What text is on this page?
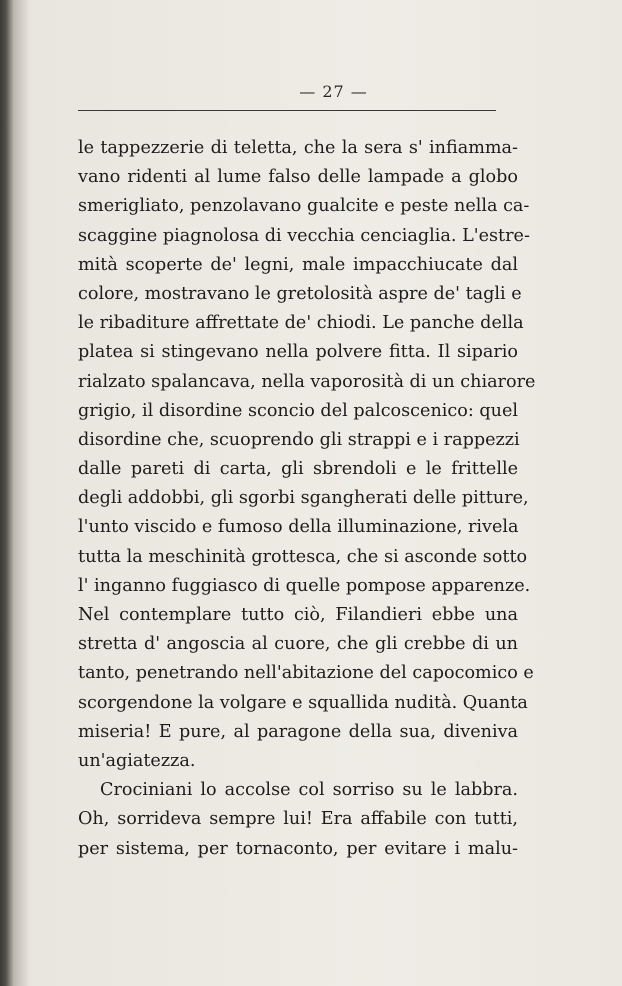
— 27 —
le tappezzerie di teletta, che la sera s' infiamma-
vano ridenti al lume falso delle lampade a globo
smerigliato, penzolavano gualcite e peste nella ca-
scaggine piagnolosa di vecchia cenciaglia. L'estre-
mità scoperte de' legni, male impacchiucate dal
colore, mostravano le gretolosità aspre de' tagli e
le ribaditure affrettate de' chiodi. Le panche della
platea si stingevano nella polvere fitta. Il sipario
rialzato spalancava, nella vaporosità di un chiarore
grigio, il disordine sconcio del palcoscenico: quel
disordine che, scuoprendo gli strappi e i rappezzi
dalle pareti di carta, gli sbrendoli e le frittelle
degli addobbi, gli sgorbi sgangherati delle pitture,
l'unto viscido e fumoso della illuminazione, rivela
tutta la meschinità grottesca, che si asconde sotto
l' inganno fuggiasco di quelle pompose apparenze.
Nel contemplare tutto ciò, Filandieri ebbe una
stretta d' angoscia al cuore, che gli crebbe di un
tanto, penetrando nell'abitazione del capocomico e
scorgendone la volgare e squallida nudità. Quanta
miseria! E pure, al paragone della sua, diveniva
un'agiatezza.
Crociniani lo accolse col sorriso su le labbra.
Oh, sorrideva sempre lui! Era affabile con tutti,
per sistema, per tornaconto, per evitare i malu-
